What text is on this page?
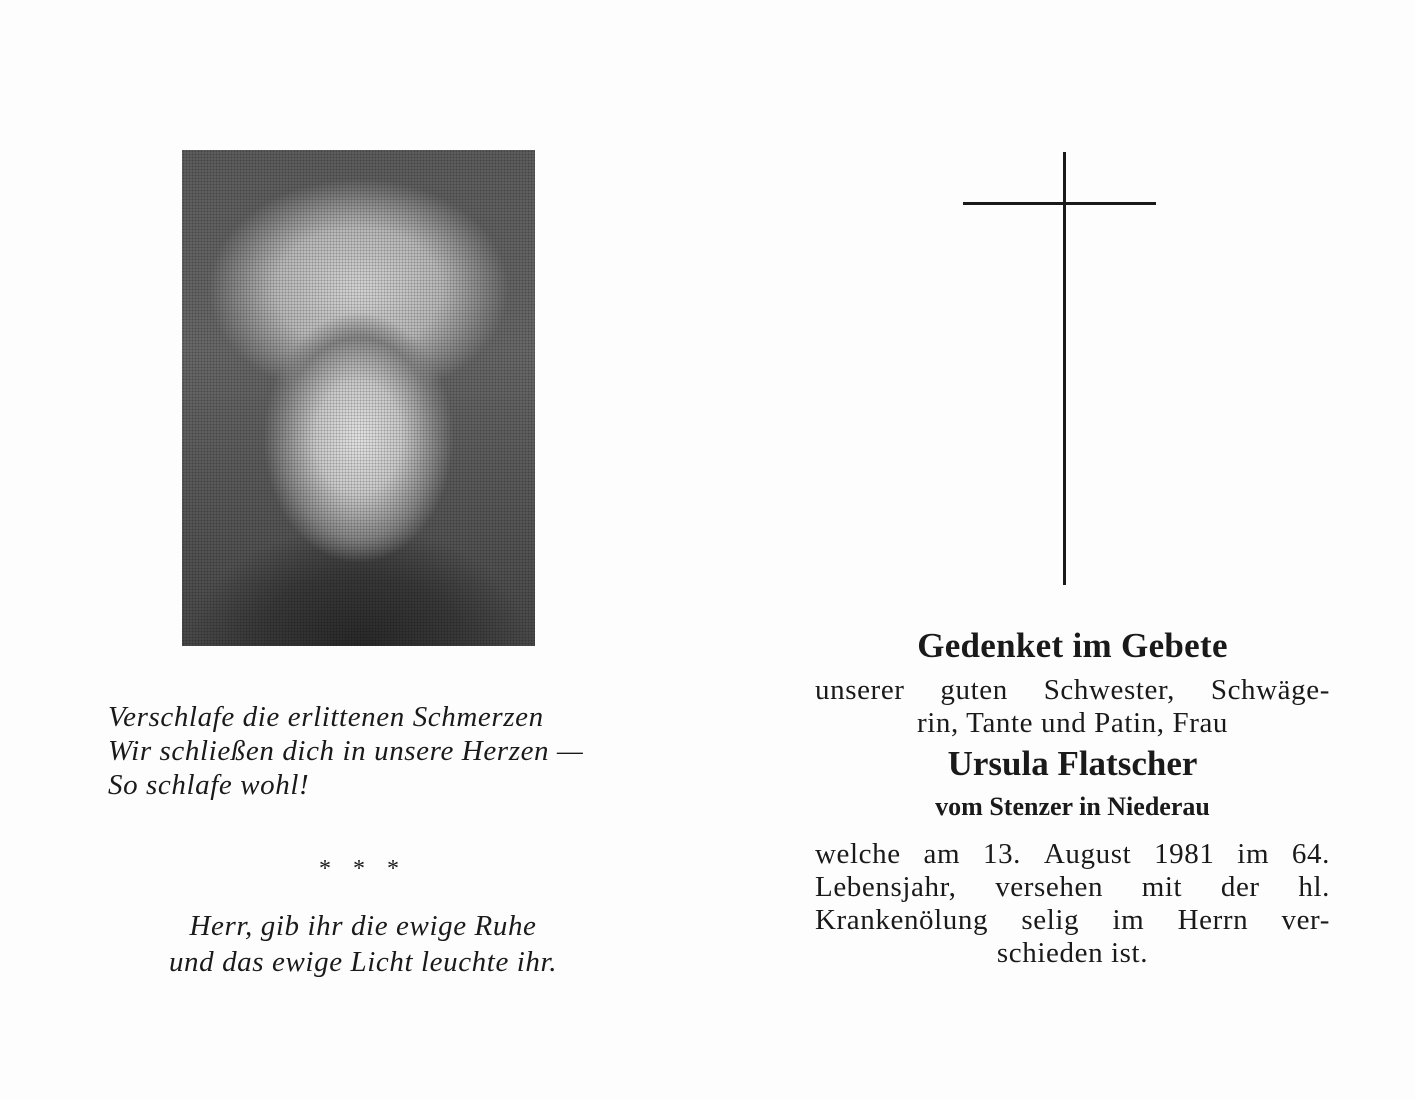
Verschlafe die erlittenen Schmerzen
Wir schließen dich in unsere Herzen —
So schlafe wohl!
* * *
Herr, gib ihr die ewige Ruhe
und das ewige Licht leuchte ihr.
Gedenket im Gebete
unserer guten Schwester, Schwäge-
rin, Tante und Patin, Frau
Ursula Flatscher
vom Stenzer in Niederau
welche am 13. August 1981 im 64.
Lebensjahr, versehen mit der hl.
Krankenölung selig im Herrn ver-
schieden ist.
